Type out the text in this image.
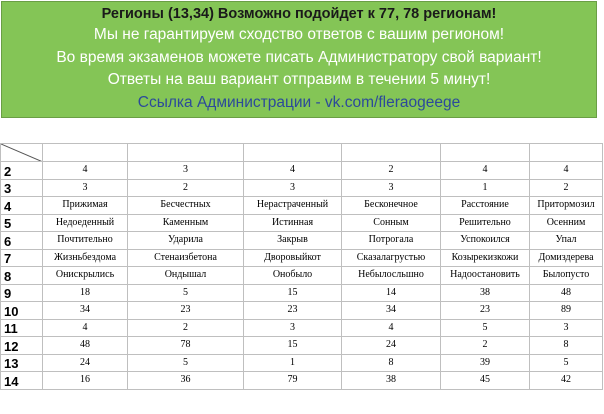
Регионы (13,34) Возможно подойдет к 77, 78 регионам!
Мы не гарантируем сходство ответов с вашим регионом!
Во время экзаменов можете писать Администратору свой вариант!
Ответы на ваш вариант отправим в течении 5 минут!
Ссылка Администрации - vk.com/fleraogeege

2	4	3	4	2	4	4
3	3	2	3	3	1	2
4	Прижимая	Бесчестных	Нерастраченный	Бесконечное	Расстояние	Притормозил
5	Недоеденный	Каменным	Истинная	Сонным	Решительно	Осенним
6	Почтительно	Ударила	Закрыв	Потрогала	Успокоился	Упал
7	Жизньбездома	Стенаизбетона	Дворовыйкот	Сказалагрустью	Козырекизкожи	Домиздерева
8	Онискрылись	Ондышал	Онобыло	Небылосльшно	Надоостановить	Былопусто
9	18	5	15	14	38	48
10	34	23	23	34	23	89
11	4	2	3	4	5	3
12	48	78	15	24	2	8
13	24	5	1	8	39	5
14	16	36	79	38	45	42
